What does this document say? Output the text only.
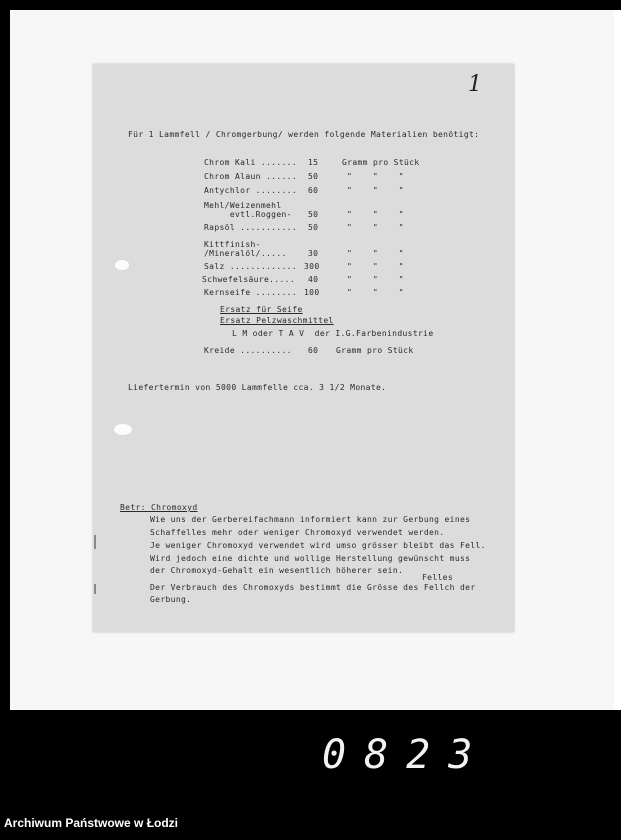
1
Für 1 Lammfell / Chromgerbung/ werden folgende Materialien benötigt:
Chrom Kali ....... 15	Gramm pro Stück
Chrom Alaun ...... 50	"    "    "
Antychlor ........ 60	"    "    "
Mehl/Weizenmehl
evtl.Roggen- 50	"    "    "
Rapsöl ........... 50	"    "    "
Kittfinish-
/Mineralöl/.....	30	"    "    "
Salz ............. 300	"    "    "
Schwefelsäure..... 40	"    "    "
Kernseife ........ 100	"    "    "
Ersatz für Seife
Ersatz Pelzwaschmittel
L M oder T A V  der I.G.Farbenindustrie
Kreide .......... 60 Gramm pro Stück
Liefertermin von 5000 Lammfelle cca. 3 1/2 Monate.
Betr: Chromoxyd
Wie uns der Gerbereifachmann informiert kann zur Gerbung eines
Schaffelles mehr oder weniger Chromoxyd verwendet werden.
Je weniger Chromoxyd verwendet wird umso grösser bleibt das Fell.
Wird jedoch eine dichte und wollige Herstellung gewünscht muss
der Chromoxyd-Gehalt ein wesentlich höherer sein.
Felles
Der Verbrauch des Chromoxyds bestimmt die Grösse des Fellch der
Gerbung.
0823
Archiwum Państwowe w Łodzi
